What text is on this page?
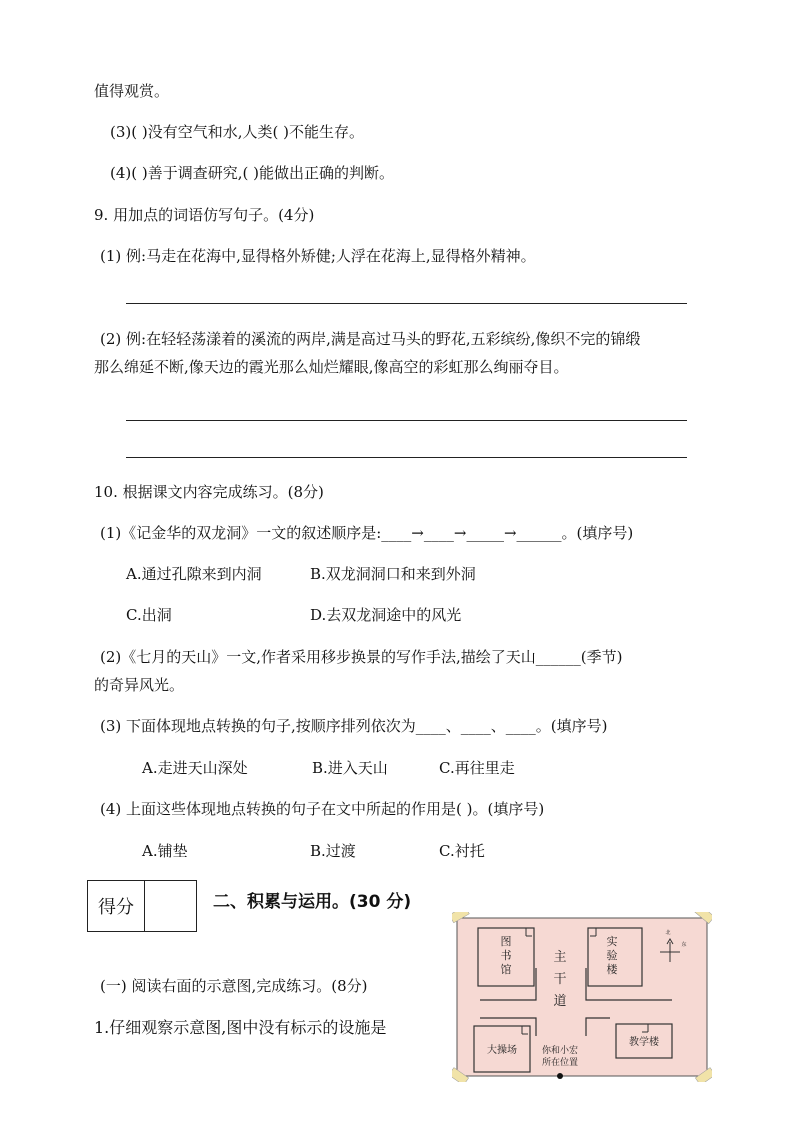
值得观赏。
(3)( )没有空气和水,人类( )不能生存。
(4)( )善于调查研究,( )能做出正确的判断。
9. 用加点的词语仿写句子。(4分)
(1) 例:马走在花海中,显得格外矫健;人浮在花海上,显得格外精神。
(2) 例:在轻轻荡漾着的溪流的两岸,满是高过马头的野花,五彩缤纷,像织不完的锦缎
那么绵延不断,像天边的霞光那么灿烂耀眼,像高空的彩虹那么绚丽夺目。
10. 根据课文内容完成练习。(8分)
(1)《记金华的双龙洞》一文的叙述顺序是:____→____→_____→______。(填序号)
A.通过孔隙来到内洞	B.双龙洞洞口和来到外洞
C.出洞	D.去双龙洞途中的风光
(2)《七月的天山》一文,作者采用移步换景的写作手法,描绘了天山______(季节)
的奇异风光。
(3) 下面体现地点转换的句子,按顺序排列依次为____、____、____。(填序号)
A.走进天山深处	B.进入天山	C.再往里走
(4) 上面这些体现地点转换的句子在文中所起的作用是( )。(填序号)
A.铺垫	B.过渡	C.衬托
得分	二、积累与运用。(30 分)
(一) 阅读右面的示意图,完成练习。(8分)
1.仔细观察示意图,图中没有标示的设施是
图
书
馆
实
验
楼
主
干
道
北
东
大操场	你和小宏
所在位置
教学楼
